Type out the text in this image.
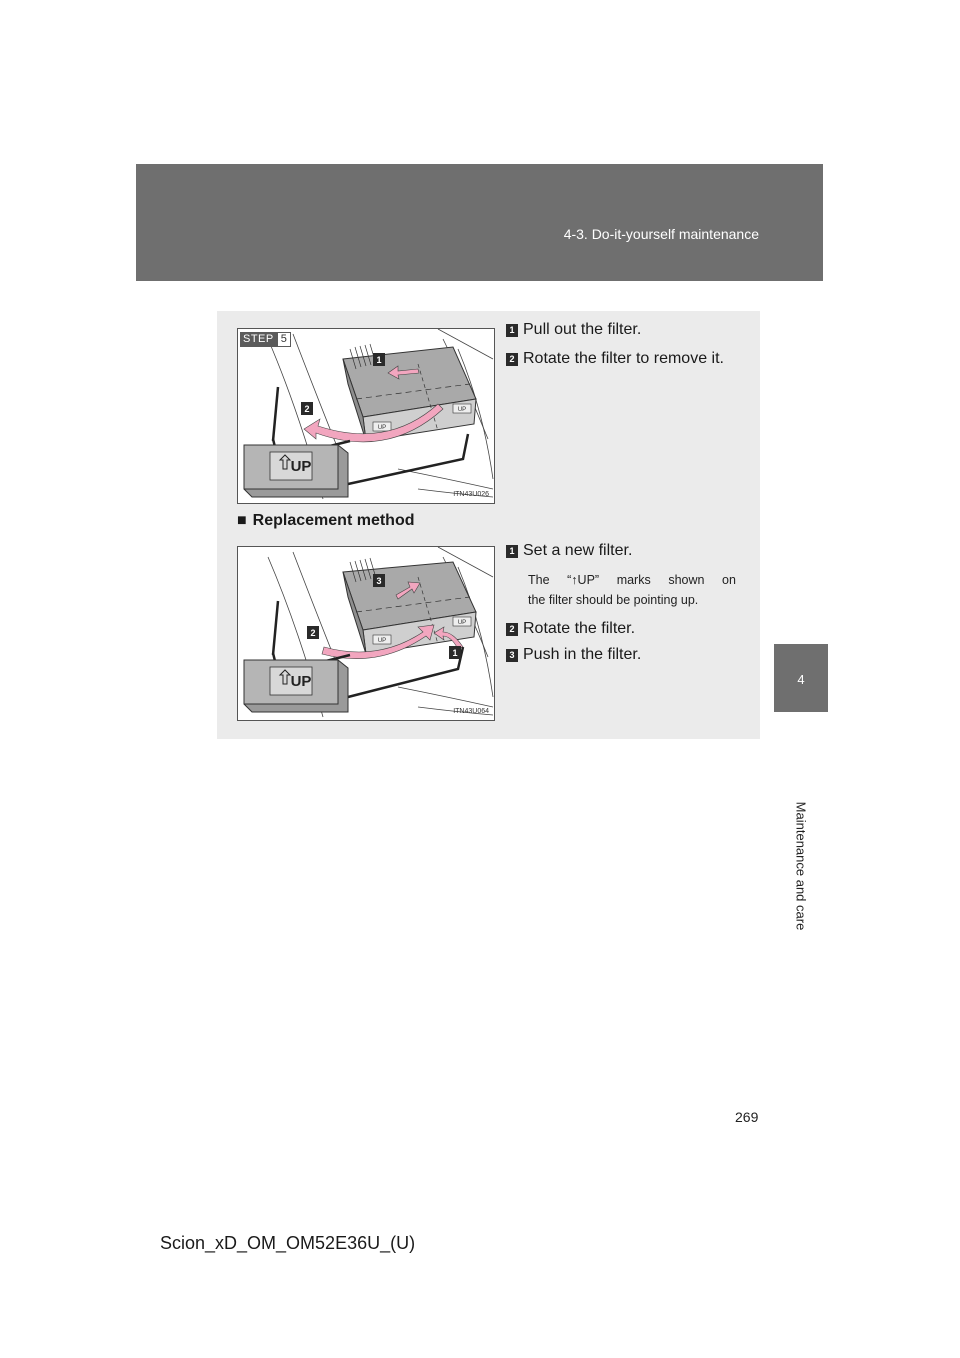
4-3. Do-it-yourself maintenance
4
Maintenance and care
UP
UP
1
2
UP
STEP 5
ITN43U026
1 Pull out the filter.
2 Rotate the filter to remove it.
■ Replacement method
UP
UP
3
2
1
UP
ITN43U064
1 Set a new filter.
The “↑UP” marks shown on
the filter should be pointing up.
2 Rotate the filter.
3 Push in the filter.
269
Scion_xD_OM_OM52E36U_(U)
